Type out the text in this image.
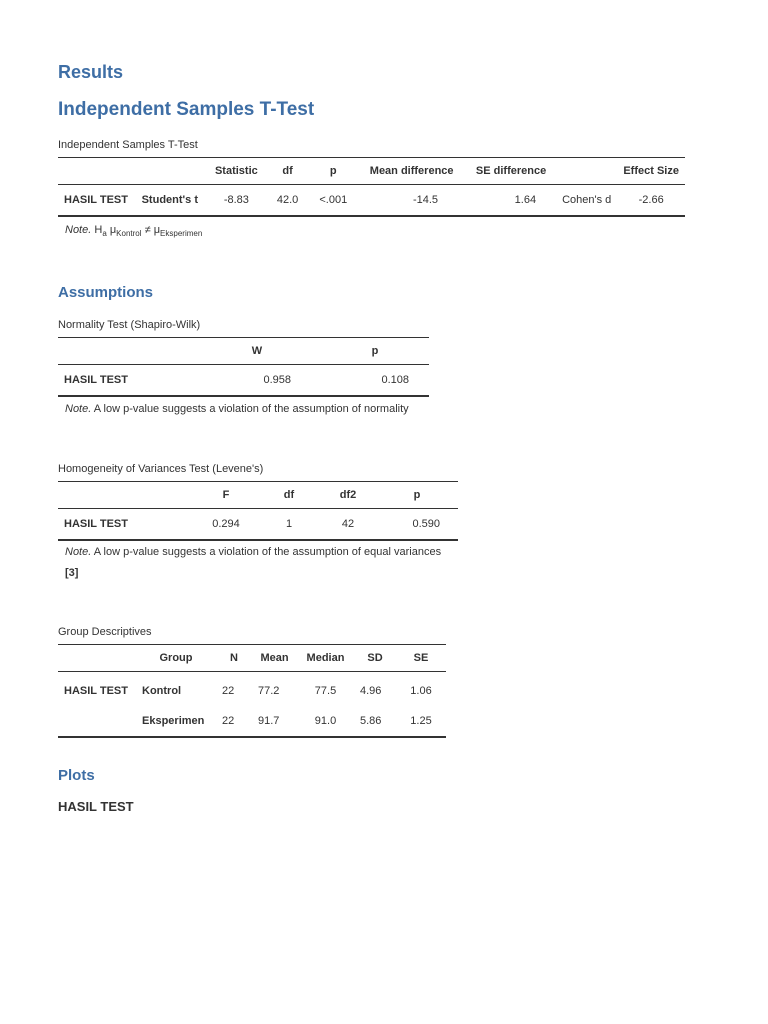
Results
Independent Samples T-Test
Independent Samples T-Test
		Statistic	df	p	Mean difference	SE difference		Effect Size
HASIL TEST	Student's t	-8.83	42.0	<.001	-14.5	1.64	Cohen's d	-2.66
Note. $H_a$ $\mu_{Kontrol} \ne \mu_{Eksperimen}$
Assumptions
Normality Test (Shapiro-Wilk)
	W	p
HASIL TEST	0.958	0.108
Note. A low p-value suggests a violation of the assumption of normality
Homogeneity of Variances Test (Levene's)
	F	df	df2	p
HASIL TEST	0.294	1	42	0.590
Note. A low p-value suggests a violation of the assumption of equal variances
[3]
Group Descriptives
	Group	N	Mean	Median	SD	SE
HASIL TEST	Kontrol	22	77.2	77.5	4.96	1.06
	Eksperimen	22	91.7	91.0	5.86	1.25
Plots
HASIL TEST
